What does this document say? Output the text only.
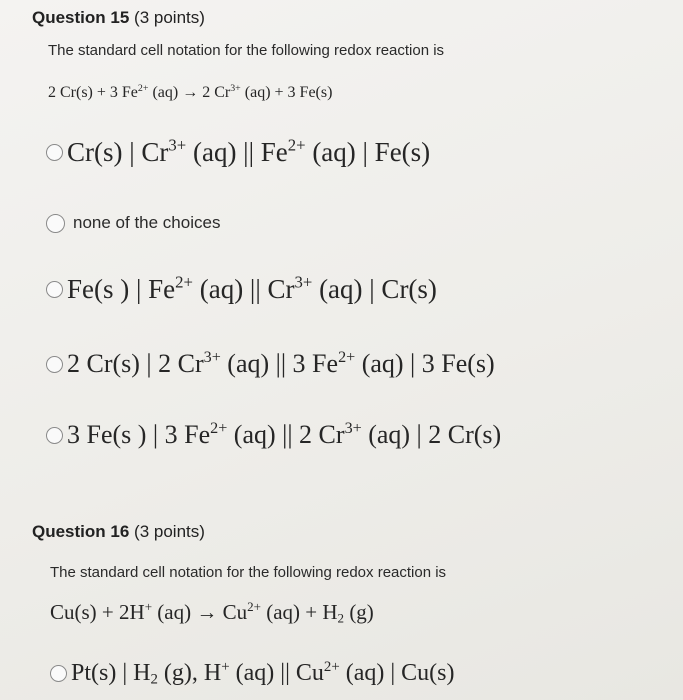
Question 15 (3 points)
The standard cell notation for the following redox reaction is
2 Cr(s) + 3 $Fe^{2+}$ (aq) → 2 $Cr^{3+}$ (aq) + 3 Fe(s)
Cr(s) | $Cr^{3+}$ (aq) || $Fe^{2+}$ (aq) | Fe(s)
none of the choices
Fe(s ) | $Fe^{2+}$ (aq) || $Cr^{3+}$ (aq) | Cr(s)
2 Cr(s) | 2 $Cr^{3+}$ (aq) || 3 $Fe^{2+}$ (aq) | 3 Fe(s)
3 Fe(s ) | 3 $Fe^{2+}$ (aq) || 2 $Cr^{3+}$ (aq) | 2 Cr(s)
Question 16 (3 points)
The standard cell notation for the following redox reaction is
Cu(s) + 2H+ $(aq) \to Cu^{2+}$ $(aq) + H_2$ (g)
Pt(s) | $H_2$ (g), H+ (aq) || $Cu^{2+}$ (aq) | Cu(s)
